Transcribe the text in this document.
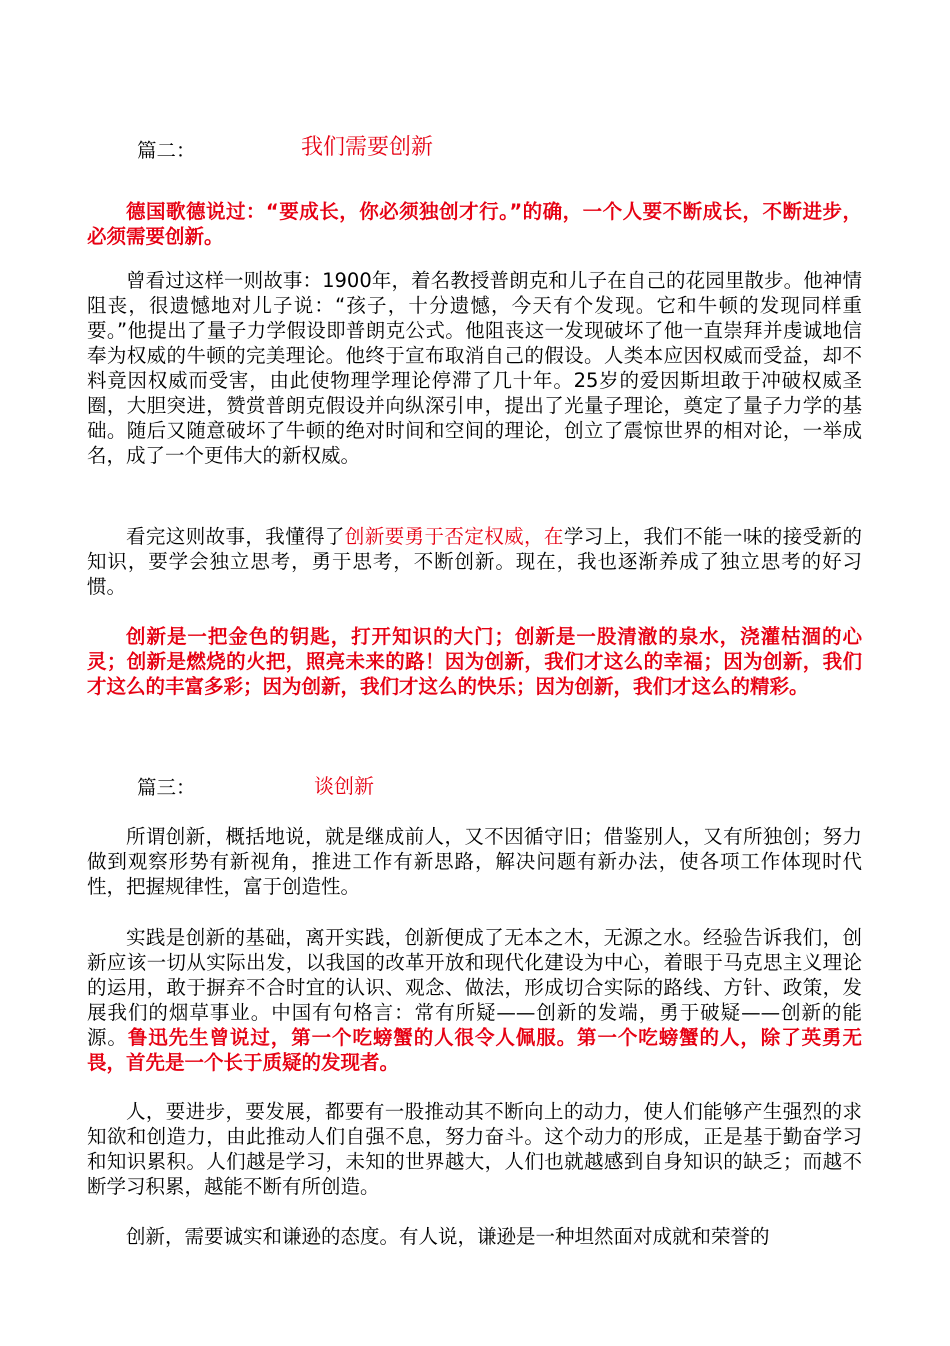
篇二：	我们需要创新

德国歌德说过：“要成长，你必须独创才行。”的确，一个人要不断成长，不断进步，必须需要创新。

曾看过这样一则故事：1900年，着名教授普朗克和儿子在自己的花园里散步。他神情阻丧，很遗憾地对儿子说：“孩子，十分遗憾，今天有个发现。它和牛顿的发现同样重要。”他提出了量子力学假设即普朗克公式。他阻丧这一发现破坏了他一直崇拜并虔诚地信奉为权威的牛顿的完美理论。他终于宣布取消自己的假设。人类本应因权威而受益，却不料竟因权威而受害，由此使物理学理论停滞了几十年。25岁的爱因斯坦敢于冲破权威圣圈，大胆突进，赞赏普朗克假设并向纵深引申，提出了光量子理论，奠定了量子力学的基础。随后又随意破坏了牛顿的绝对时间和空间的理论，创立了震惊世界的相对论，一举成名，成了一个更伟大的新权威。

看完这则故事，我懂得了创新要勇于否定权威，在学习上，我们不能一味的接受新的知识，要学会独立思考，勇于思考，不断创新。现在，我也逐渐养成了独立思考的好习惯。

创新是一把金色的钥匙，打开知识的大门；创新是一股清澈的泉水，浇灌枯涸的心灵；创新是燃烧的火把，照亮未来的路！因为创新，我们才这么的幸福；因为创新，我们才这么的丰富多彩；因为创新，我们才这么的快乐；因为创新，我们才这么的精彩。

篇三：	谈创新

所谓创新，概括地说，就是继成前人，又不因循守旧；借鉴别人，又有所独创；努力做到观察形势有新视角，推进工作有新思路，解决问题有新办法，使各项工作体现时代性，把握规律性，富于创造性。

实践是创新的基础，离开实践，创新便成了无本之木，无源之水。经验告诉我们，创新应该一切从实际出发，以我国的改革开放和现代化建设为中心，着眼于马克思主义理论的运用，敢于摒弃不合时宜的认识、观念、做法，形成切合实际的路线、方针、政策，发展我们的烟草事业。中国有句格言：常有所疑——创新的发端，勇于破疑——创新的能源。鲁迅先生曾说过，第一个吃螃蟹的人很令人佩服。第一个吃螃蟹的人，除了英勇无畏，首先是一个长于质疑的发现者。

人，要进步，要发展，都要有一股推动其不断向上的动力，使人们能够产生强烈的求知欲和创造力，由此推动人们自强不息，努力奋斗。这个动力的形成，正是基于勤奋学习和知识累积。人们越是学习，未知的世界越大，人们也就越感到自身知识的缺乏；而越不断学习积累，越能不断有所创造。

创新，需要诚实和谦逊的态度。有人说，谦逊是一种坦然面对成就和荣誉的
